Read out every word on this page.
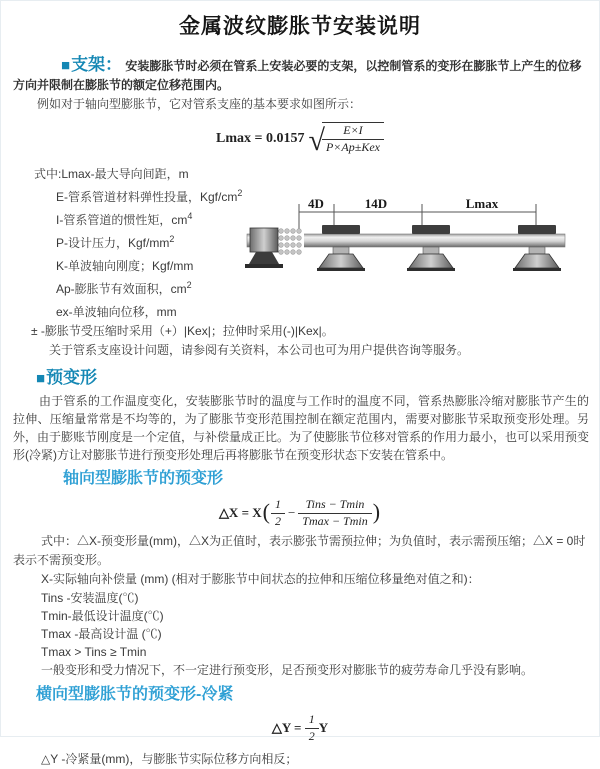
金属波纹膨胀节安装说明

■支架： 安装膨胀节时必须在管系上安装必要的支架，以控制管系的变形在膨胀节上产生的位移方向并限制在膨胀节的额定位移范围内。

例如对于轴向型膨胀节，它对管系支座的基本要求如图所示：

Lmax = 0.0157 √
$\frac{E\times I}{\text{P×Ap±Kex}}$
式中:Lmax-最大导向间距，m
E-管系管道材料弹性投量，Kgf/$cm^2$
I-管系管道的惯性矩，$cm^4$
P-设计压力，Kgf/$mm^2$
K-单波轴向刚度；Kgf/mm
Ap-膨胀节有效面积，$cm^2$
ex-单波轴向位移，mm
± -膨胀节受压缩时采用（+）|Kex|；拉伸时采用(-)|Kex|。
关于管系支座设计问题，请参阅有关资料，本公司也可为用户提供咨询等服务。
4D	14D	Lmax
■预变形

由于管系的工作温度变化，安装膨胀节时的温度与工作时的温度不同，管系热膨胀冷缩对膨胀节产生的拉伸、压缩量常常是不均等的，为了膨胀节变形范围控制在额定范围内，需要对膨胀节采取预变形处理。另外，由于膨账节刚度是一个定值，与补偿量成正比。为了使膨胀节位移对管系的作用力最小，也可以采用预变形(冷紧)方让对膨胀节进行预变形处理后再将膨胀节在预变形状态下安装在管系中。

轴向型膨胀节的预变形
△X = X ( $\frac{1}{2} - \frac{\text{Tins − Tmin}}{Tmax - Tmin}$ )

式中：△X-预变形量(mm)，△X为正值时，表示膨张节需预拉伸；为负值时，表示需预压缩；△X = 0时表示不需预变形。

X-实际轴向补偿量 (mm) (相对于膨胀节中间状态的拉伸和压缩位移量绝对值之和)：
Tins -安装温度(℃)
Tmin-最低设计温度(℃)
Tmax -最高设计温 (℃)
Tmax > Tins ≥ Tmin

一般变形和受力情况下，不一定进行预变形，足否预变形对膨胀节的疲劳寿命几乎没有影响。

横向型膨胀节的预变形-冷紧
△Y =
$\frac{1}{2}$ Y
△Y -冷紧量(mm)，与膨胀节实际位移方向相反；
